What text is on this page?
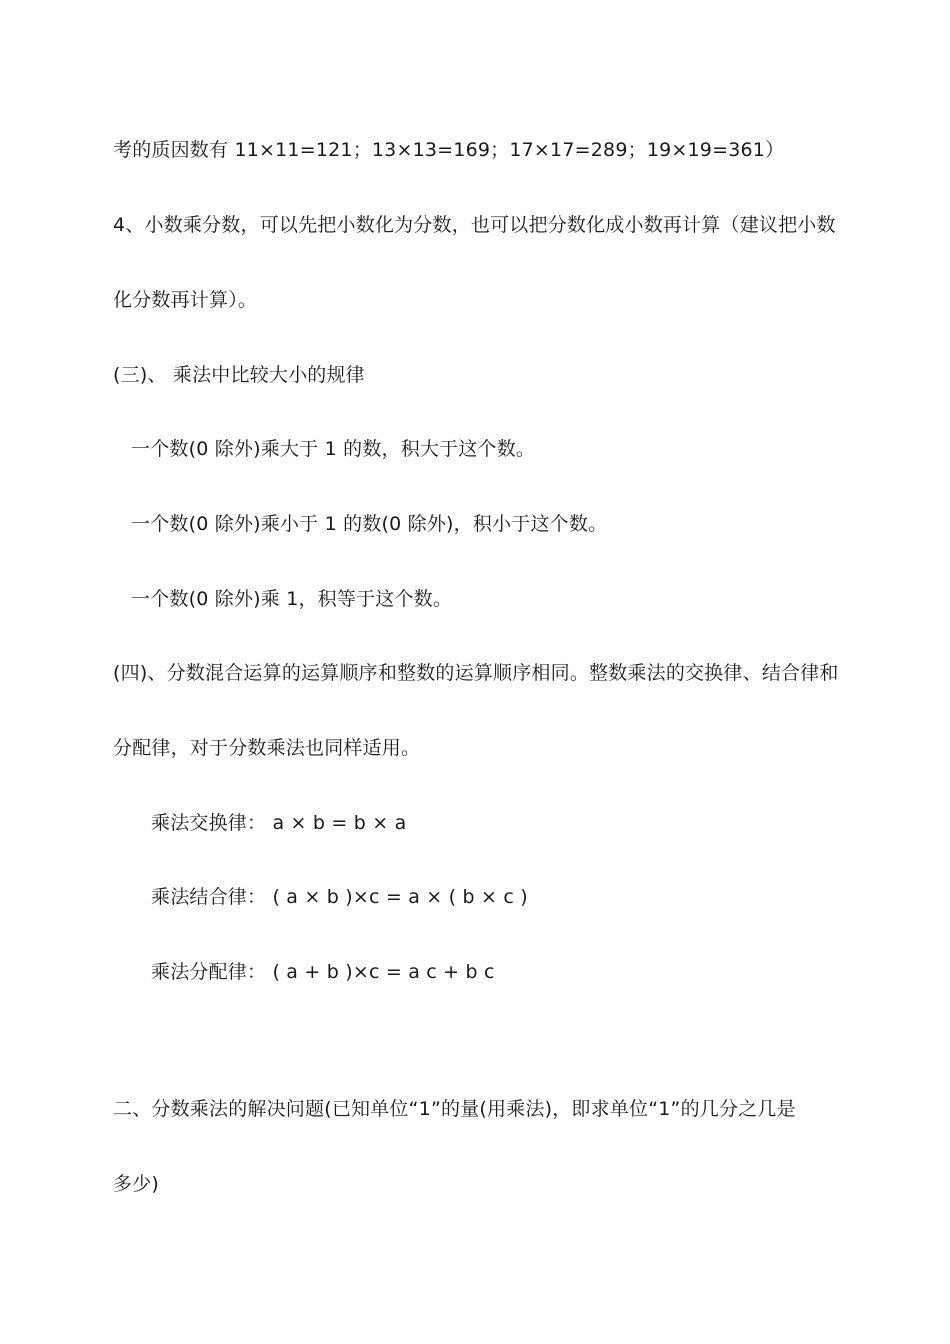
考的质因数有 11×11=121；13×13=169；17×17=289；19×19=361）
4、小数乘分数，可以先把小数化为分数，也可以把分数化成小数再计算（建议把小数
化分数再计算）。
(三)、 乘法中比较大小的规律
一个数(0 除外)乘大于 1 的数，积大于这个数。
一个数(0 除外)乘小于 1 的数(0 除外)，积小于这个数。
一个数(0 除外)乘 1，积等于这个数。
(四)、分数混合运算的运算顺序和整数的运算顺序相同。整数乘法的交换律、结合律和
分配律，对于分数乘法也同样适用。
乘法交换律： a × b = b × a
乘法结合律： ( a × b )×c = a × ( b × c )
乘法分配律： ( a + b )×c = a c + b c
二、分数乘法的解决问题(已知单位“1”的量(用乘法)，即求单位“1”的几分之几是
多少)
